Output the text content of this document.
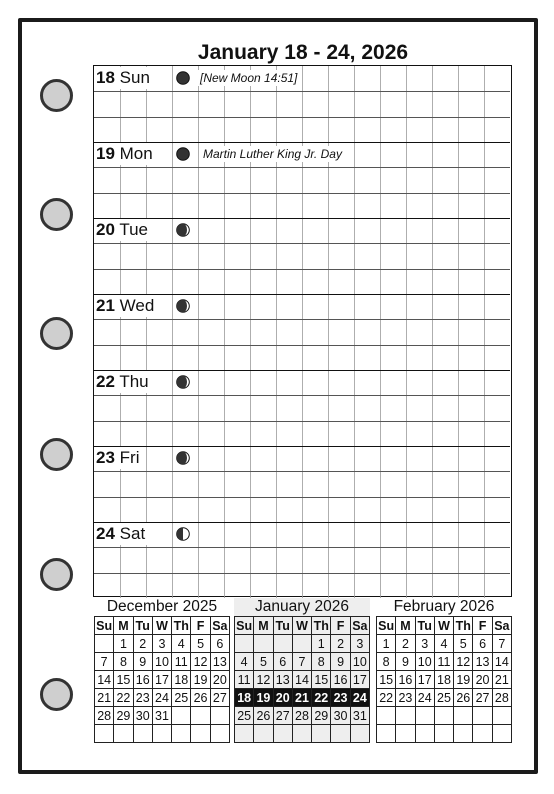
January 18 - 24, 2026
18 Sun	[New Moon 14:51]
19 Mon	Martin Luther King Jr. Day
20 Tue
21 Wed
22 Thu
23 Fri
24 Sat
December 2025
Su	M	Tu	W	Th	F	Sa
	1	2	3	4	5	6
7	8	9	10	11	12	13
14	15	16	17	18	19	20
21	22	23	24	25	26	27
28	29	30	31			

January 2026
Su	M	Tu	W	Th	F	Sa
				1	2	3
4	5	6	7	8	9	10
11	12	13	14	15	16	17
18	19	20	21	22	23	24
25	26	27	28	29	30	31

February 2026
Su	M	Tu	W	Th	F	Sa
1	2	3	4	5	6	7
8	9	10	11	12	13	14
15	16	17	18	19	20	21
22	23	24	25	26	27	28
